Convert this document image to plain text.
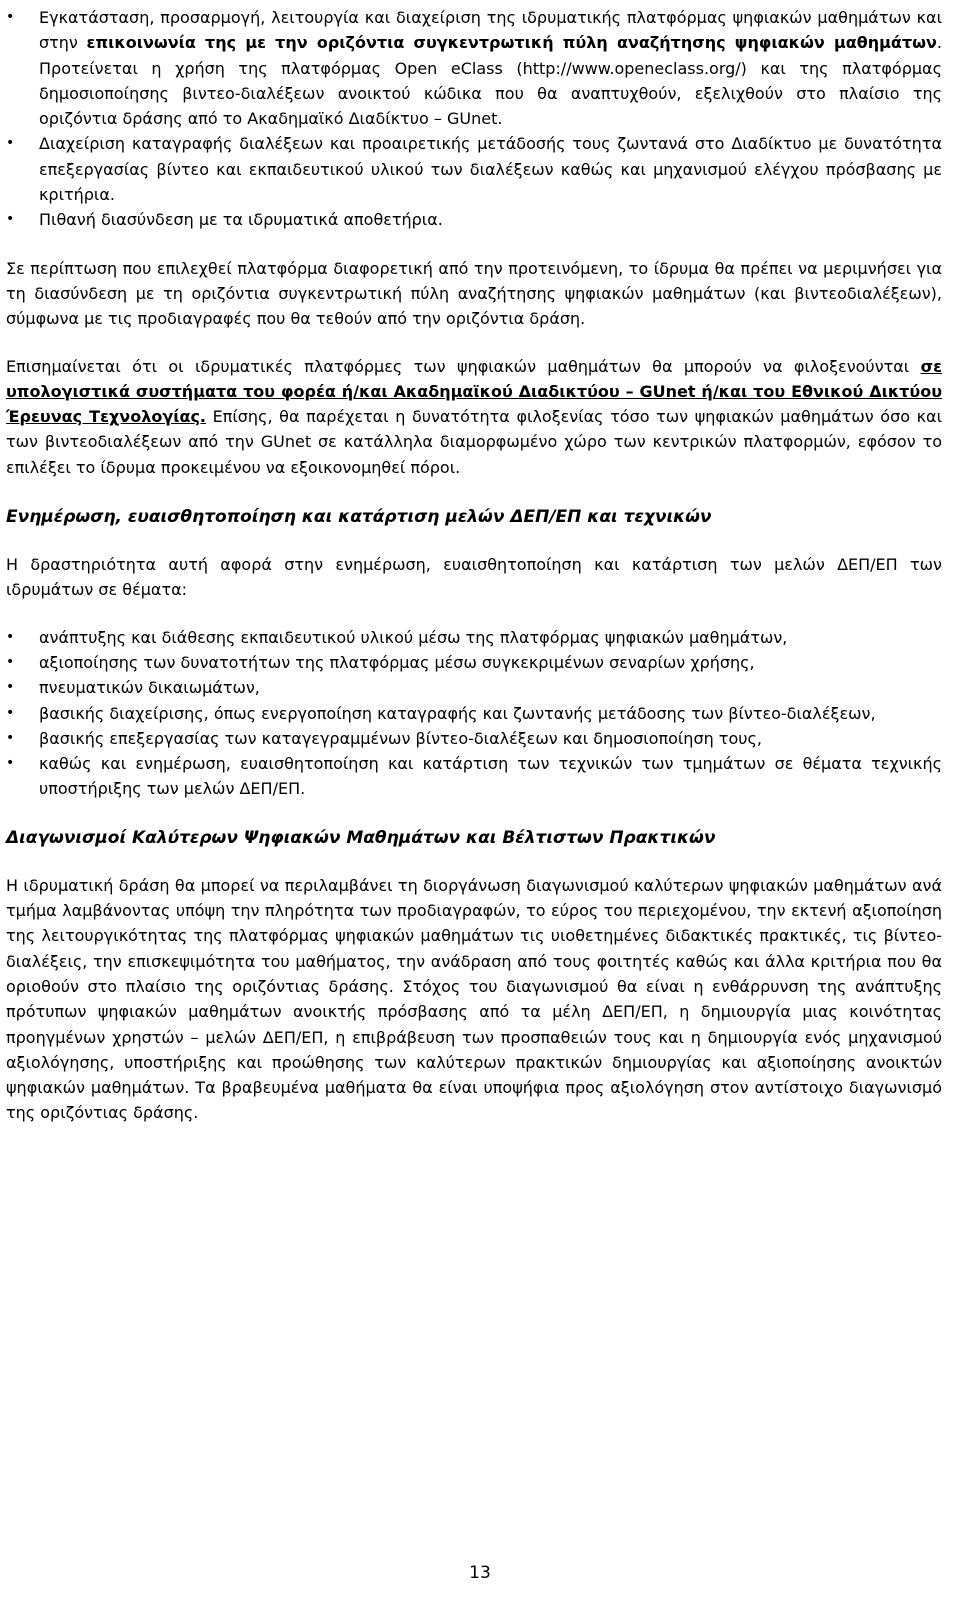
• Εγκατάσταση, προσαρμογή, λειτουργία και διαχείριση της ιδρυματικής πλατφόρμας ψηφιακών μαθημάτων και στην επικοινωνία της με την οριζόντια συγκεντρωτική πύλη αναζήτησης ψηφιακών μαθημάτων. Προτείνεται η χρήση της πλατφόρμας Open eClass (http://www.openeclass.org/) και της πλατφόρμας δημοσιοποίησης βιντεο-διαλέξεων ανοικτού κώδικα που θα αναπτυχθούν, εξελιχθούν στο πλαίσιο της οριζόντια δράσης από το Ακαδημαϊκό Διαδίκτυο – GUnet.
• Διαχείριση καταγραφής διαλέξεων και προαιρετικής μετάδοσής τους ζωντανά στο Διαδίκτυο με δυνατότητα επεξεργασίας βίντεο και εκπαιδευτικού υλικού των διαλέξεων καθώς και μηχανισμού ελέγχου πρόσβασης με κριτήρια.
• Πιθανή διασύνδεση με τα ιδρυματικά αποθετήρια.

Σε περίπτωση που επιλεχθεί πλατφόρμα διαφορετική από την προτεινόμενη, το ίδρυμα θα πρέπει να μεριμνήσει για τη διασύνδεση με τη οριζόντια συγκεντρωτική πύλη αναζήτησης ψηφιακών μαθημάτων (και βιντεοδιαλέξεων), σύμφωνα με τις προδιαγραφές που θα τεθούν από την οριζόντια δράση.

Επισημαίνεται ότι οι ιδρυματικές πλατφόρμες των ψηφιακών μαθημάτων θα μπορούν να φιλοξενούνται σε υπολογιστικά συστήματα του φορέα ή/και Ακαδημαϊκού Διαδικτύου – GUnet ή/και του Εθνικού Δικτύου Έρευνας Τεχνολογίας. Επίσης, θα παρέχεται η δυνατότητα φιλοξενίας τόσο των ψηφιακών μαθημάτων όσο και των βιντεοδιαλέξεων από την GUnet σε κατάλληλα διαμορφωμένο χώρο των κεντρικών πλατφορμών, εφόσον το επιλέξει το ίδρυμα προκειμένου να εξοικονομηθεί πόροι.

Ενημέρωση, ευαισθητοποίηση και κατάρτιση μελών ΔΕΠ/ΕΠ και τεχνικών

Η δραστηριότητα αυτή αφορά στην ενημέρωση, ευαισθητοποίηση και κατάρτιση των μελών ΔΕΠ/ΕΠ των ιδρυμάτων σε θέματα:

• ανάπτυξης και διάθεσης εκπαιδευτικού υλικού μέσω της πλατφόρμας ψηφιακών μαθημάτων,
• αξιοποίησης των δυνατοτήτων της πλατφόρμας μέσω συγκεκριμένων σεναρίων χρήσης,
• πνευματικών δικαιωμάτων,
• βασικής διαχείρισης, όπως ενεργοποίηση καταγραφής και ζωντανής μετάδοσης των βίντεο-διαλέξεων,
• βασικής επεξεργασίας των καταγεγραμμένων βίντεο-διαλέξεων και δημοσιοποίηση τους,
• καθώς και ενημέρωση, ευαισθητοποίηση και κατάρτιση των τεχνικών των τμημάτων σε θέματα τεχνικής υποστήριξης των μελών ΔΕΠ/ΕΠ.

Διαγωνισμοί Καλύτερων Ψηφιακών Μαθημάτων και Βέλτιστων Πρακτικών

Η ιδρυματική δράση θα μπορεί να περιλαμβάνει τη διοργάνωση διαγωνισμού καλύτερων ψηφιακών μαθημάτων ανά τμήμα λαμβάνοντας υπόψη την πληρότητα των προδιαγραφών, το εύρος του περιεχομένου, την εκτενή αξιοποίηση της λειτουργικότητας της πλατφόρμας ψηφιακών μαθημάτων τις υιοθετημένες διδακτικές πρακτικές, τις βίντεο-διαλέξεις, την επισκεψιμότητα του μαθήματος, την ανάδραση από τους φοιτητές καθώς και άλλα κριτήρια που θα οριοθούν στο πλαίσιο της οριζόντιας δράσης. Στόχος του διαγωνισμού θα είναι η ενθάρρυνση της ανάπτυξης πρότυπων ψηφιακών μαθημάτων ανοικτής πρόσβασης από τα μέλη ΔΕΠ/ΕΠ, η δημιουργία μιας κοινότητας προηγμένων χρηστών – μελών ΔΕΠ/ΕΠ, η επιβράβευση των προσπαθειών τους και η δημιουργία ενός μηχανισμού αξιολόγησης, υποστήριξης και προώθησης των καλύτερων πρακτικών δημιουργίας και αξιοποίησης ανοικτών ψηφιακών μαθημάτων. Τα βραβευμένα μαθήματα θα είναι υποψήφια προς αξιολόγηση στον αντίστοιχο διαγωνισμό της οριζόντιας δράσης.

13
